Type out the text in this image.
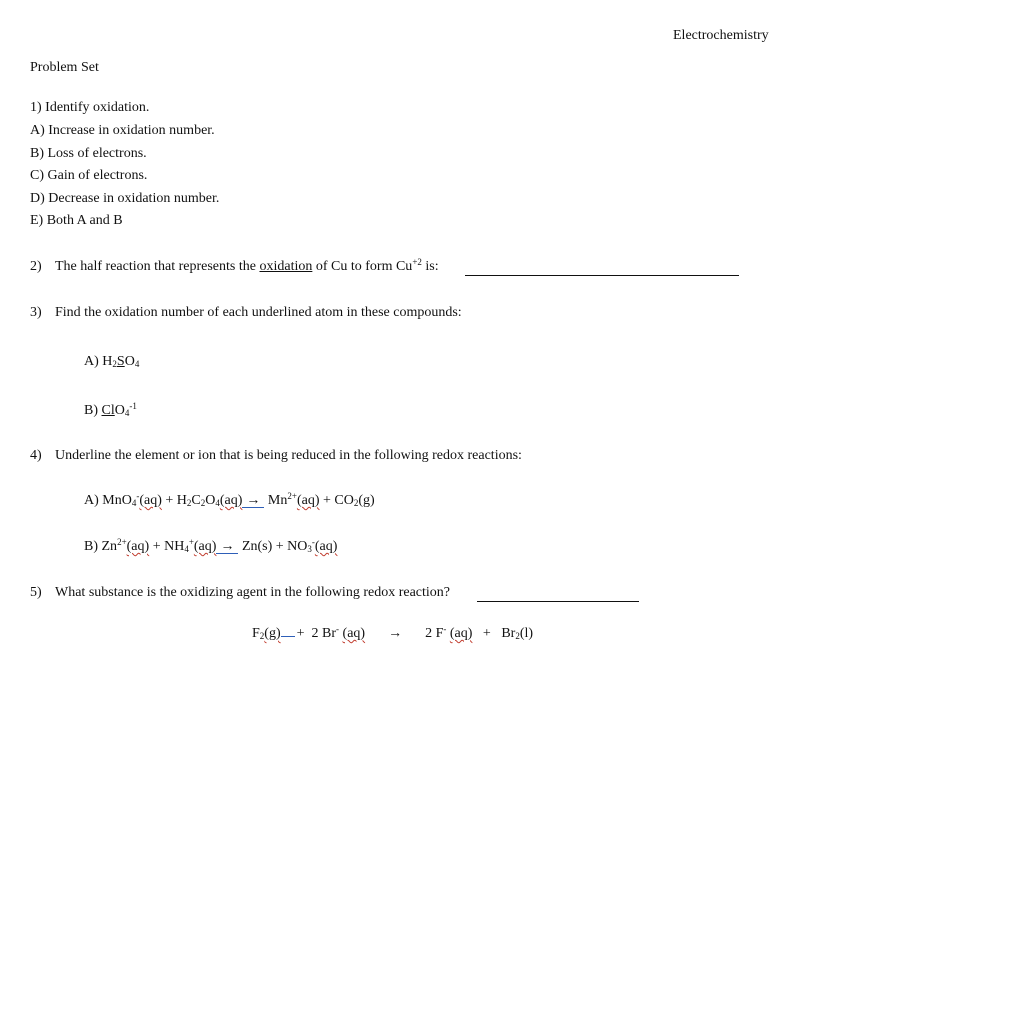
Electrochemistry
Problem Set
1) Identify oxidation.
A) Increase in oxidation number.
B) Loss of electrons.
C) Gain of electrons.
D) Decrease in oxidation number.
E) Both A and B
2) The half reaction that represents the oxidation of Cu to form $Cu^{+2}$ is:
3) Find the oxidation number of each underlined atom in these compounds:
A) $H_2SO_4$
B) ClO$_4^{-1}$
4) Underline the element or ion that is being reduced in the following redox reactions:
A) $MnO_4^-(aq) + H_2C_2O_4(aq) \to Mn^{2+}(aq) + CO_2(g)$
B) $Zn^{2+}(aq) + NH_4^+(aq) \to Zn(s) + NO_3^-(aq)$
5) What substance is the oxidizing agent in the following redox reaction?
$F_2(g) + 2$ Br- (aq) → 2 F- $(aq) + Br_2(l)$
